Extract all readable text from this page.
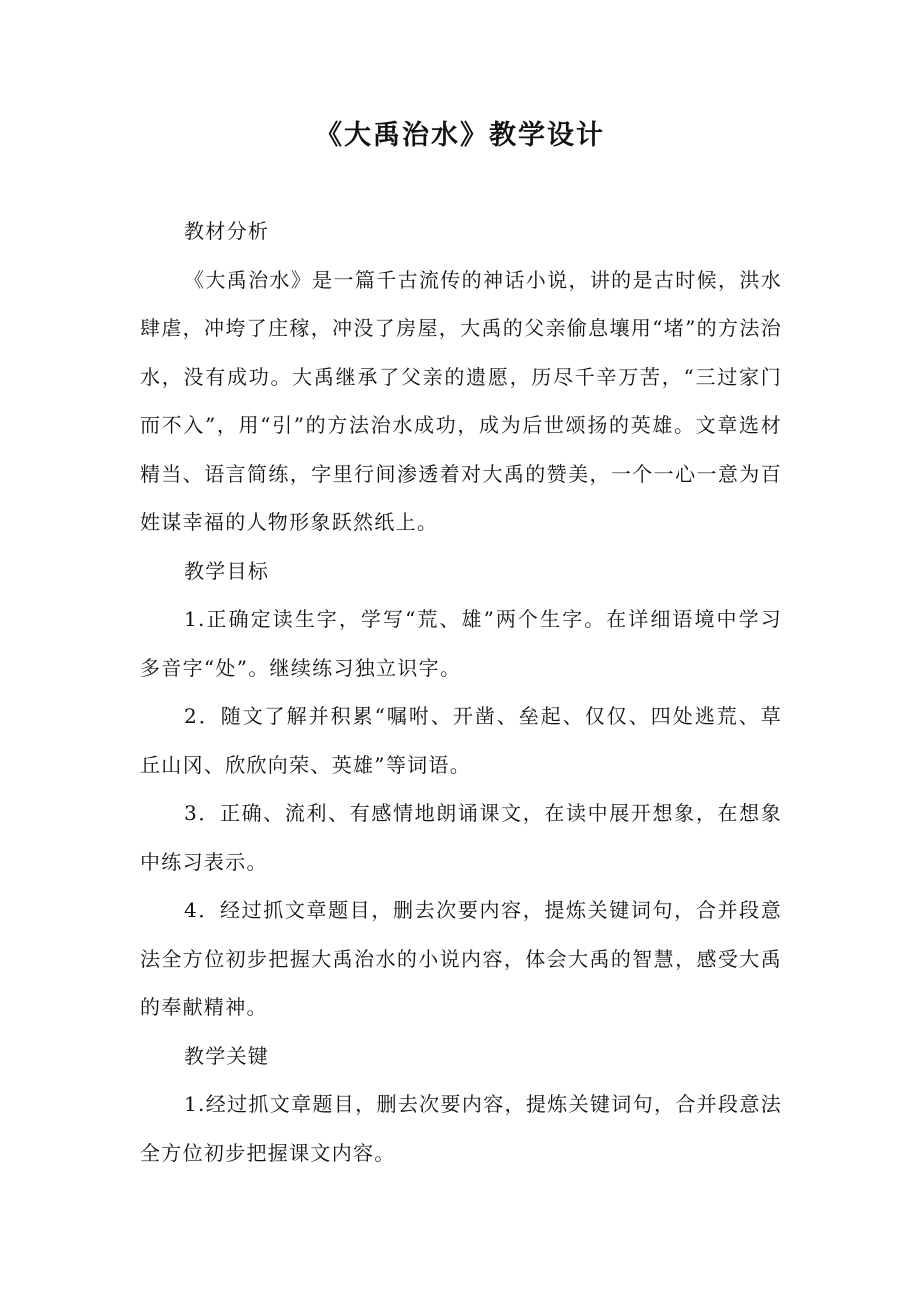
《大禹治水》教学设计

教材分析

《大禹治水》是一篇千古流传的神话小说，讲的是古时候，洪水肆虐，冲垮了庄稼，冲没了房屋，大禹的父亲偷息壤用“堵”的方法治水，没有成功。大禹继承了父亲的遗愿，历尽千辛万苦，“三过家门而不入”，用“引”的方法治水成功，成为后世颂扬的英雄。文章选材精当、语言简练，字里行间渗透着对大禹的赞美，一个一心一意为百姓谋幸福的人物形象跃然纸上。

教学目标

1.正确定读生字，学写“荒、雄”两个生字。在详细语境中学习多音字“处”。继续练习独立识字。

2．随文了解并积累“嘱咐、开凿、垒起、仅仅、四处逃荒、草丘山冈、欣欣向荣、英雄”等词语。

3．正确、流利、有感情地朗诵课文，在读中展开想象，在想象中练习表示。

4．经过抓文章题目，删去次要内容，提炼关键词句，合并段意法全方位初步把握大禹治水的小说内容，体会大禹的智慧，感受大禹的奉献精神。

教学关键

1.经过抓文章题目，删去次要内容，提炼关键词句，合并段意法全方位初步把握课文内容。
